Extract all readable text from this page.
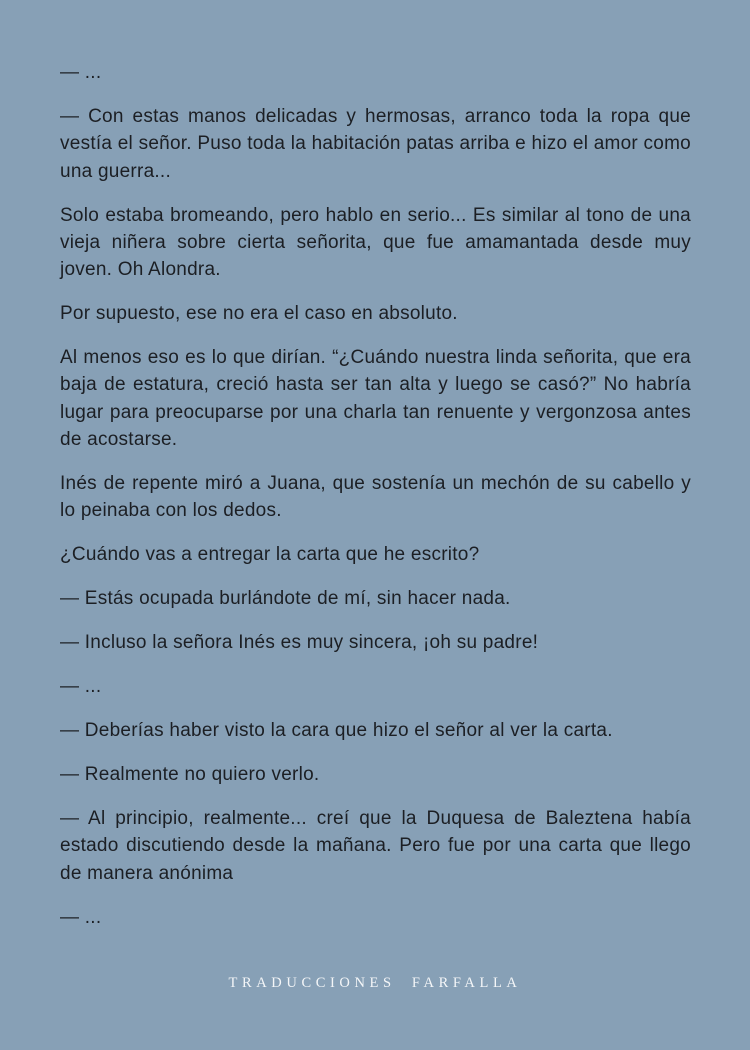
— ...

— Con estas manos delicadas y hermosas, arranco toda la ropa que vestía el señor. Puso toda la habitación patas arriba e hizo el amor como una guerra...

Solo estaba bromeando, pero hablo en serio... Es similar al tono de una vieja niñera sobre cierta señorita, que fue amamantada desde muy joven. Oh Alondra.

Por supuesto, ese no era el caso en absoluto.

Al menos eso es lo que dirían. “¿Cuándo nuestra linda señorita, que era baja de estatura, creció hasta ser tan alta y luego se casó?” No habría lugar para preocuparse por una charla tan renuente y vergonzosa antes de acostarse.

Inés de repente miró a Juana, que sostenía un mechón de su cabello y lo peinaba con los dedos.

¿Cuándo vas a entregar la carta que he escrito?

— Estás ocupada burlándote de mí, sin hacer nada.

— Incluso la señora Inés es muy sincera, ¡oh su padre!

— ...

— Deberías haber visto la cara que hizo el señor al ver la carta.

— Realmente no quiero verlo.

— Al principio, realmente... creí que la Duquesa de Baleztena había estado discutiendo desde la mañana. Pero fue por una carta que llego de manera anónima

— ...

TRADUCCIONES FARFALLA
